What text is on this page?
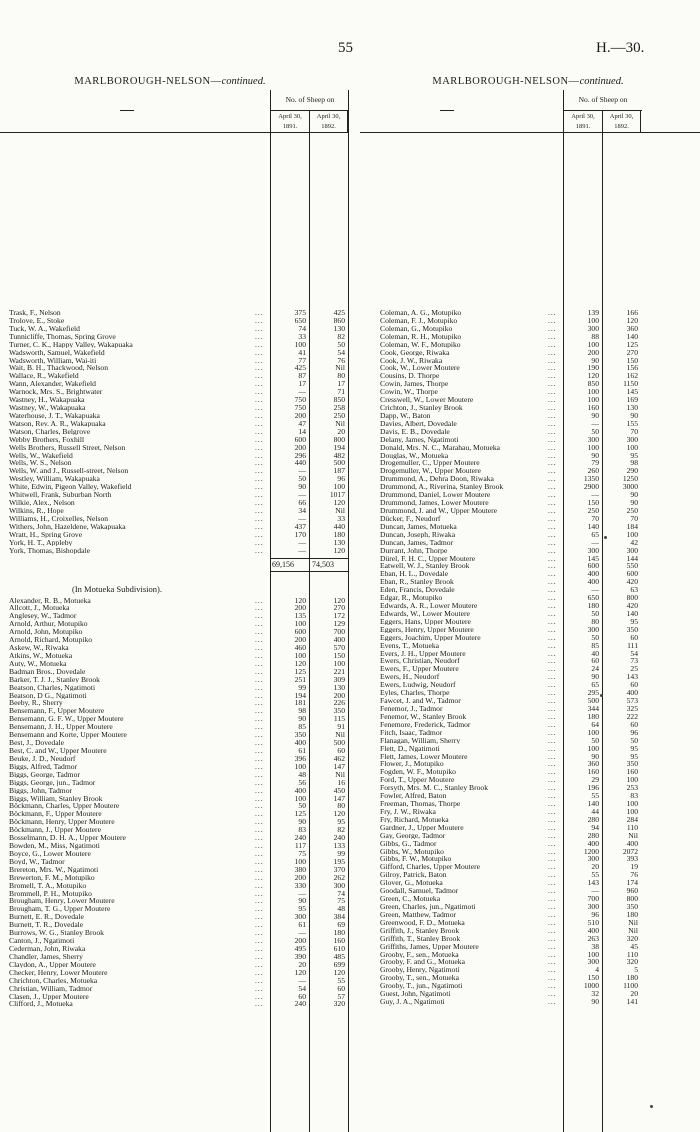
55	H.—30.
MARLBOROUGH-NELSON—continued.	MARLBOROUGH-NELSON—continued.
No. of Sheep on
April 30,
1891.
April 30,
1892.
Trask, F., Nelson	...	375	425
Trolove, E., Stoke	...	650	860
Tuck, W. A., Wakefield	...	74	130
Tunnicliffe, Thomas, Spring Grove	...	33	82
Turner, C. K., Happy Valley, Wakapuaka	...	100	50
Wadsworth, Samuel, Wakefield	...	41	54
Wadsworth, William, Wai-iti	...	77	76
Wait, B. H., Thackwood, Nelson	...	425	Nil
Wallace, R., Wakefield	...	87	80
Wann, Alexander, Wakefield	...	17	17
Warnock, Mrs. S., Brightwater	...	—	71
Wastney, H., Wakapuaka	...	750	850
Wastney, W., Wakapuaka	...	750	258
Waterhouse, J. T., Wakapuaka	...	200	250
Watson, Rev. A. R., Wakapuaka	...	47	Nil
Watson, Charles, Belgrove	...	14	20
Webby Brothers, Foxhill	...	600	800
Wells Brothers, Russell Street, Nelson	...	200	194
Wells, W., Wakefield	...	296	482
Wells, W. S., Nelson	...	440	500
Wells, W. and J., Russell-street, Nelson	...	—	187
Westley, William, Wakapuaka	...	50	96
White, Edwin, Pigeon Valley, Wakefield	...	90	100
Whitwell, Frank, Suburban North	...	—	1017
Wilkie, Alex., Nelson	...	66	120
Wilkins, R., Hope	...	34	Nil
Williams, H., Croixelles, Nelson	...	—	33
Withers, John, Hazeldene, Wakapuaka	...	437	440
Wratt, H., Spring Grove	...	170	180
York, H. T., Appleby	...	—	130
York, Thomas, Bishopdale	...	—	120
69,156 74,503
(In Motueka Subdivision).
Alexander, R. B., Motueka	...	120	120
Allcott, J., Motueka	...	200	270
Anglesey, W., Tadmor	...	135	172
Arnold, Arthur, Motupiko	...	100	129
Arnold, John, Motupiko	...	600	700
Arnold, Richard, Motupiko	...	200	400
Askew, W., Riwaka	...	460	570
Atkins, W., Motueka	...	100	150
Auty, W., Motueka	...	120	100
Badman Bros., Dovedale	...	125	221
Barker, T. J. J., Stanley Brook	...	251	309
Beatson, Charles, Ngatimoti	...	99	130
Beatson, D G., Ngatimoti	...	194	200
Beeby, R., Sherry	...	181	226
Bensemann, F., Upper Moutere	...	98	350
Bensemann, G. F. W., Upper Moutere	...	90	115
Bensemann, J. H., Upper Moutere	...	85	91
Bensemann and Korte, Upper Moutere	...	350	Nil
Best, J., Dovedale	...	400	500
Best, C. and W., Upper Moutere	...	61	60
Beuke, J. D., Neudorf	...	396	462
Biggs, Alfred, Tadmor	...	100	147
Biggs, George, Tadmor	...	48	Nil
Biggs, George, jun., Tadmor	...	56	16
Biggs, John, Tadmor	...	400	450
Biggs, William, Stanley Brook	...	100	147
Böckmann, Charles, Upper Moutere	...	50	80
Böckmann, F., Upper Moutere	...	125	120
Böckmann, Henry, Upper Moutere	...	90	95
Böckmann, J., Upper Moutere	...	83	82
Bosselmann, D. H. A., Upper Moutere	...	240	240
Bowden, M., Miss, Ngatimoti	...	117	133
Boyce, G., Lower Moutere	...	75	99
Boyd, W., Tadmor	...	100	195
Brereton, Mrs. W., Ngatimoti	...	380	370
Brewerton, F. M., Motupiko	...	200	262
Bromell, T. A., Motupiko	...	330	300
Brommell, P. H., Motupiko	...	—	74
Brougham, Henry, Lower Moutere	...	90	75
Brougham, T. G., Upper Moutere	...	95	48
Burnett, E. R., Dovedale	...	300	384
Burnett, T. R., Dovedale	...	61	69
Burrows, W. G., Stanley Brook	...	—	180
Canton, J., Ngatimoti	...	200	160
Cederman, John, Riwaka	...	495	610
Chandler, James, Sherry	...	390	485
Claydon, A., Upper Moutere	...	20	699
Checker, Henry, Lower Moutere	...	120	120
Chrichton, Charles, Motueka	...	—	55
Christian, William, Tadmor	...	54	60
Clasen, J., Upper Moutere	...	60	57
Clifford, J., Motueka	...	240	320
No. of Sheep on
April 30,
1891.
April 30,
1892.
Coleman, A. G., Motupiko	...	139	166
Coleman, F. J., Motupiko	...	100	120
Coleman, G., Motupiko	...	300	360
Coleman, R. H., Motupiko	...	88	140
Coleman, W. F., Motupiko	...	100	125
Cook, George, Riwaka	...	200	270
Cook, J. W., Riwaka	...	90	150
Cook, W., Lower Moutere	...	190	156
Cousins, D. Thorpe	...	120	162
Cowin, James, Thorpe	...	850	1150
Cowin, W., Thorpe	...	100	145
Cresswell, W., Lower Moutere	...	100	169
Crichton, J., Stanley Brook	...	160	130
Dapp, W., Baton	...	90	90
Davies, Albert, Dovedale	...	—	155
Davis, E. B., Dovedale	...	50	70
Delany, James, Ngatimoti	...	300	300
Donald, Mrs. N. C., Marahau, Motueka	...	100	100
Douglas, W., Motueka	...	90	95
Drogemuller, C., Upper Moutere	...	79	98
Drogemuller, W., Upper Moutere	...	260	290
Drummond, A., Dehra Doon, Riwaka	...	1350	1250
Drummond, A., Riverina, Stanley Brook	...	2900	3000
Drummond, Daniel, Lower Moutere	...	—	90
Drummond, James, Lower Moutere	...	150	90
Drummond, J. and W., Upper Moutere	...	250	250
Dücker, F., Neudorf	...	70	70
Duncan, James, Motueka	...	140	184
Duncan, Joseph, Riwaka	...	65	100
Duncan, James, Tadmor	...	—	42
Durrant, John, Thorpe	...	300	300
Dürel, F. H. C., Upper Moutere	...	145	144
Eatwell, W. J., Stanley Brook	...	600	550
Eban, H. L., Dovedale	...	400	600
Eban, R., Stanley Brook	...	400	420
Eden, Francis, Dovedale	...	—	63
Edgar, R., Motupiko	...	650	800
Edwards, A. R., Lower Moutere	...	180	420
Edwards, W., Lower Moutere	...	50	140
Eggers, Hans, Upper Moutere	...	80	95
Eggers, Henry, Upper Moutere	...	300	350
Eggers, Joachim, Upper Moutere	...	50	60
Evens, T., Motueka	...	85	111
Evers, J. H., Upper Moutere	...	40	54
Ewers, Christian, Neudorf	...	60	73
Ewers, F., Upper Moutere	...	24	25
Ewers, H., Neudorf	...	90	143
Ewers, Ludwig, Neudorf	...	65	60
Eyles, Charles, Thorpe	...	295	400
Fawcet, J. and W., Tadmor	...	500	573
Fenemor, J., Tadmor	...	344	325
Fenemor, W., Stanley Brook	...	180	222
Fenemore, Frederick, Tadmor	...	64	60
Fitch, Isaac, Tadmor	...	100	96
Flanagan, William, Sherry	...	50	50
Flett, D., Ngatimoti	...	100	95
Flett, James, Lower Moutere	...	90	95
Flower, J., Motupiko	...	360	350
Fogden, W. F., Motupiko	...	160	160
Ford, T., Upper Moutere	...	29	100
Forsyth, Mrs. M. C., Stanley Brook	...	196	253
Fowler, Alfred, Baton	...	55	83
Freeman, Thomas, Thorpe	...	140	100
Fry, J. W., Riwaka	...	44	100
Fry, Richard, Motueka	...	280	284
Gardner, J., Upper Moutere	...	94	110
Gay, George, Tadmor	...	280	Nil
Gibbs, G., Tadmor	...	400	400
Gibbs, W., Motupiko	...	1200	2072
Gibbs, F. W., Motupiko	...	300	393
Gifford, Charles, Upper Moutere	...	20	19
Gilroy, Patrick, Baton	...	55	76
Glover, G., Motueka	...	143	174
Goodall, Samuel, Tadmor	...	—	960
Green, C., Motueka	...	700	800
Green, Charles, jun., Ngatimoti	...	300	350
Green, Matthew, Tadmor	...	96	180
Greenwood, F. D., Motueka	...	510	Nil
Griffith, J., Stanley Brook	...	400	Nil
Griffith, T., Stanley Brook	...	263	320
Griffiths, James, Upper Moutere	...	38	45
Grooby, F., sen., Motueka	...	100	110
Grooby, F. and G., Motueka	...	300	320
Grooby, Henry, Ngatimoti	...	4	5
Grooby, T., sen., Motueka	...	150	180
Grooby, T., jun., Ngatimoti	...	1000	1100
Guest, John, Ngatimoti	...	32	20
Guy, J. A., Ngatimoti	...	90	141
